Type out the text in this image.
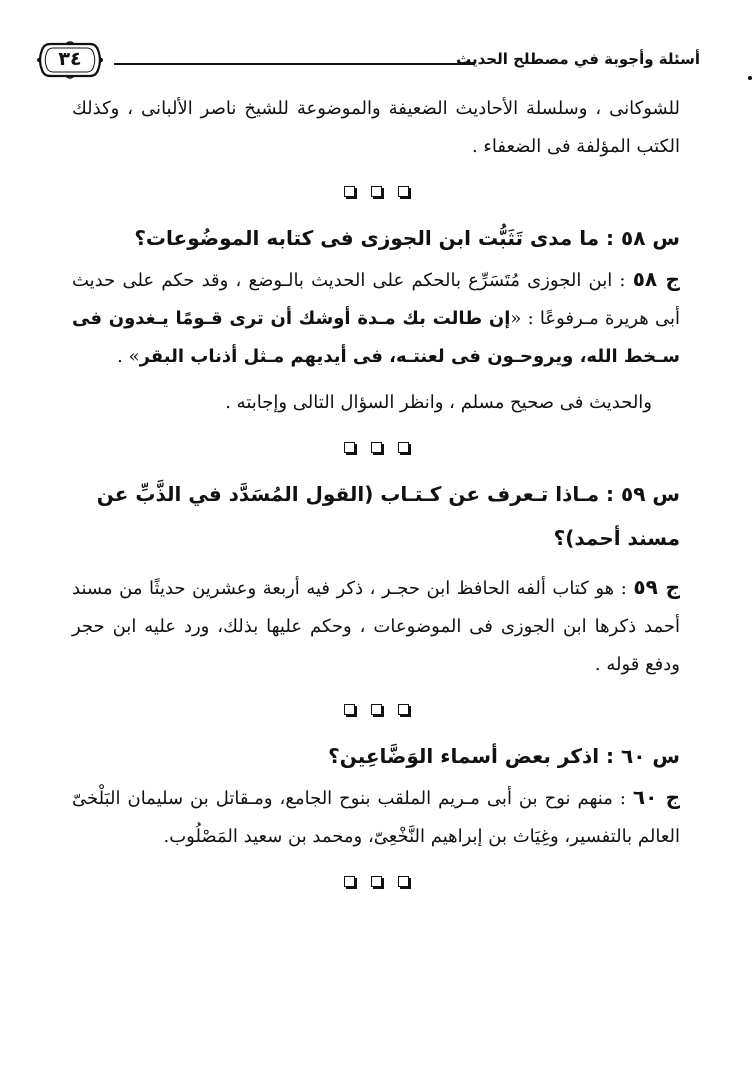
أسئلة وأجوبة في مصطلح الحديث
٣٤

للشوكانى ، وسلسلة الأحاديث الضعيفة والموضوعة للشيخ ناصر الألبانى ، وكذلك الكتب المؤلفة فى الضعفاء .

س ٥٨ : ما مدى تَثَبُّت ابن الجوزى فى كتابه الموضُوعات؟

ج ٥٨ : ابن الجوزى مُتَسَرِّع بالحكم على الحديث بالـوضع ، وقد حكم على حديث أبى هريرة مـرفوعًا : «إن طالت بك مـدة أوشك أن ترى قـومًا يـغدون فى سـخط الله، ويروحـون فى لعنتـه، فى أيديهم مـثل أذناب البقر» .

والحديث فى صحيح مسلم ، وانظر السؤال التالى وإجابته .

س ٥٩ : مـاذا تـعرف عن كـتـاب (القول المُسَدَّد في الذَّبِّ عن مسند أحمد)؟

ج ٥٩ : هو كتاب ألفه الحافظ ابن حجـر ، ذكر فيه أربعة وعشرين حديثًا من مسند أحمد ذكرها ابن الجوزى فى الموضوعات ، وحكم عليها بذلك، ورد عليه ابن حجر ودفع قوله .

س ٦٠ : اذكر بعض أسماء الوَضَّاعِين؟

ج ٦٠ : منهم نوح بن أبى مـريم الملقب بنوح الجامع، ومـقاتل بن سليمان البَلْخىّ العالم بالتفسير، وغِيَاث بن إبراهيم النَّخْعِىّ، ومحمد بن سعيد المَصْلُوب.
